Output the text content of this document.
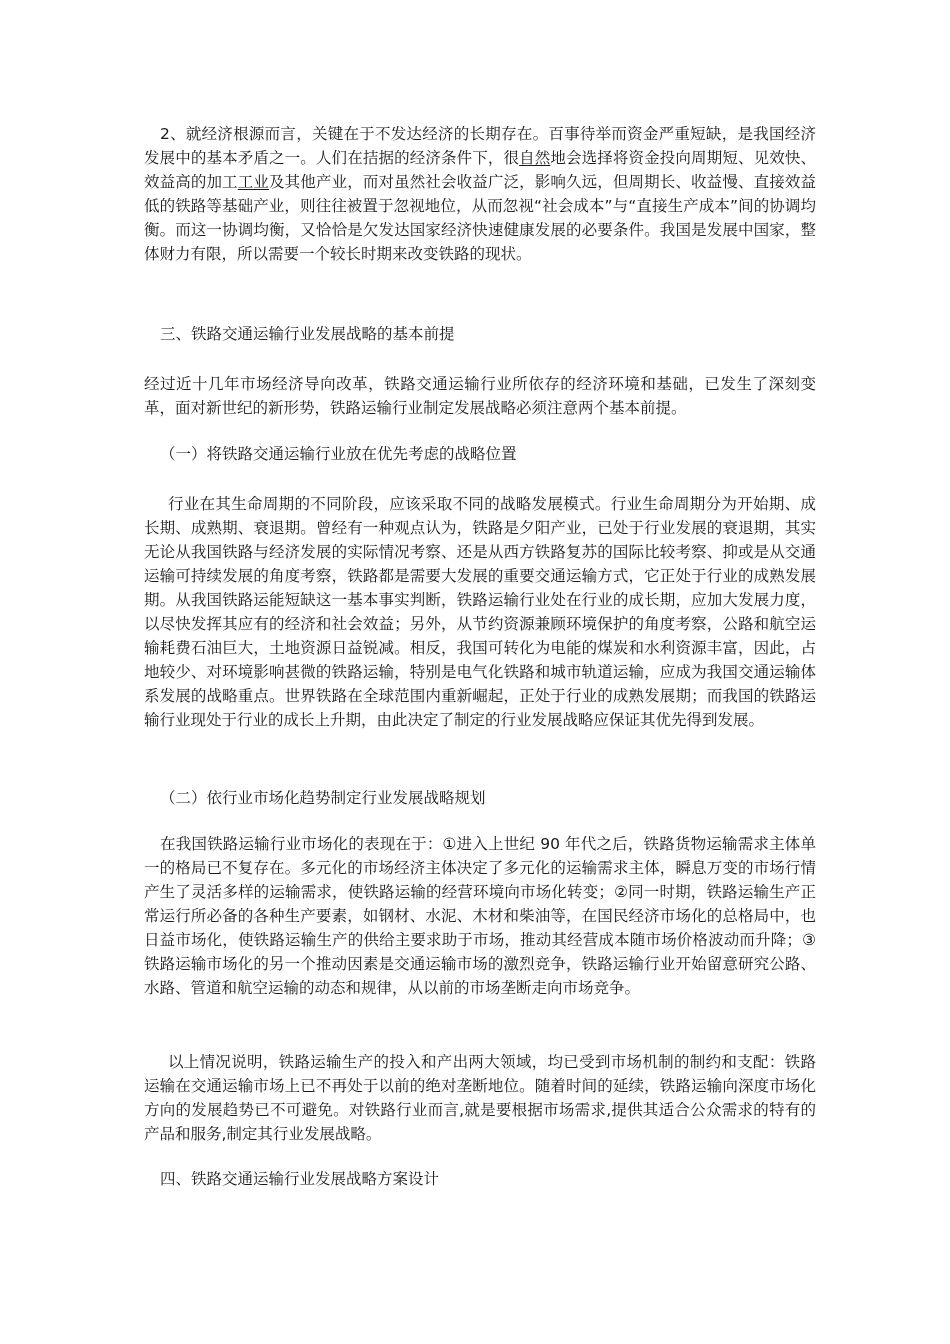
2、就经济根源而言，关键在于不发达经济的长期存在。百事待举而资金严重短缺，是我国经济发展中的基本矛盾之一。人们在拮据的经济条件下，很自然地会选择将资金投向周期短、见效快、效益高的加工工业及其他产业，而对虽然社会收益广泛，影响久远，但周期长、收益慢、直接效益低的铁路等基础产业，则往往被置于忽视地位，从而忽视“社会成本”与“直接生产成本”间的协调均衡。而这一协调均衡，又恰恰是欠发达国家经济快速健康发展的必要条件。我国是发展中国家，整体财力有限，所以需要一个较长时期来改变铁路的现状。

三、铁路交通运输行业发展战略的基本前提

经过近十几年市场经济导向改革，铁路交通运输行业所依存的经济环境和基础，已发生了深刻变革，面对新世纪的新形势，铁路运输行业制定发展战略必须注意两个基本前提。

（一）将铁路交通运输行业放在优先考虑的战略位置

行业在其生命周期的不同阶段，应该采取不同的战略发展模式。行业生命周期分为开始期、成长期、成熟期、衰退期。曾经有一种观点认为，铁路是夕阳产业，已处于行业发展的衰退期，其实无论从我国铁路与经济发展的实际情况考察、还是从西方铁路复苏的国际比较考察、抑或是从交通运输可持续发展的角度考察，铁路都是需要大发展的重要交通运输方式，它正处于行业的成熟发展期。从我国铁路运能短缺这一基本事实判断，铁路运输行业处在行业的成长期，应加大发展力度，以尽快发挥其应有的经济和社会效益；另外，从节约资源兼顾环境保护的角度考察，公路和航空运输耗费石油巨大，土地资源日益锐减。相反，我国可转化为电能的煤炭和水利资源丰富，因此，占地较少、对环境影响甚微的铁路运输，特别是电气化铁路和城市轨道运输，应成为我国交通运输体系发展的战略重点。世界铁路在全球范围内重新崛起，正处于行业的成熟发展期；而我国的铁路运输行业现处于行业的成长上升期，由此决定了制定的行业发展战略应保证其优先得到发展。

（二）依行业市场化趋势制定行业发展战略规划

在我国铁路运输行业市场化的表现在于：①进入上世纪 90 年代之后，铁路货物运输需求主体单一的格局已不复存在。多元化的市场经济主体决定了多元化的运输需求主体，瞬息万变的市场行情产生了灵活多样的运输需求，使铁路运输的经营环境向市场化转变；②同一时期，铁路运输生产正常运行所必备的各种生产要素，如钢材、水泥、木材和柴油等，在国民经济市场化的总格局中，也日益市场化，使铁路运输生产的供给主要求助于市场，推动其经营成本随市场价格波动而升降；③铁路运输市场化的另一个推动因素是交通运输市场的激烈竞争，铁路运输行业开始留意研究公路、水路、管道和航空运输的动态和规律，从以前的市场垄断走向市场竞争。

以上情况说明，铁路运输生产的投入和产出两大领域，均已受到市场机制的制约和支配：铁路运输在交通运输市场上已不再处于以前的绝对垄断地位。随着时间的延续，铁路运输向深度市场化方向的发展趋势已不可避免。对铁路行业而言,就是要根据市场需求,提供其适合公众需求的特有的产品和服务,制定其行业发展战略。

四、铁路交通运输行业发展战略方案设计
